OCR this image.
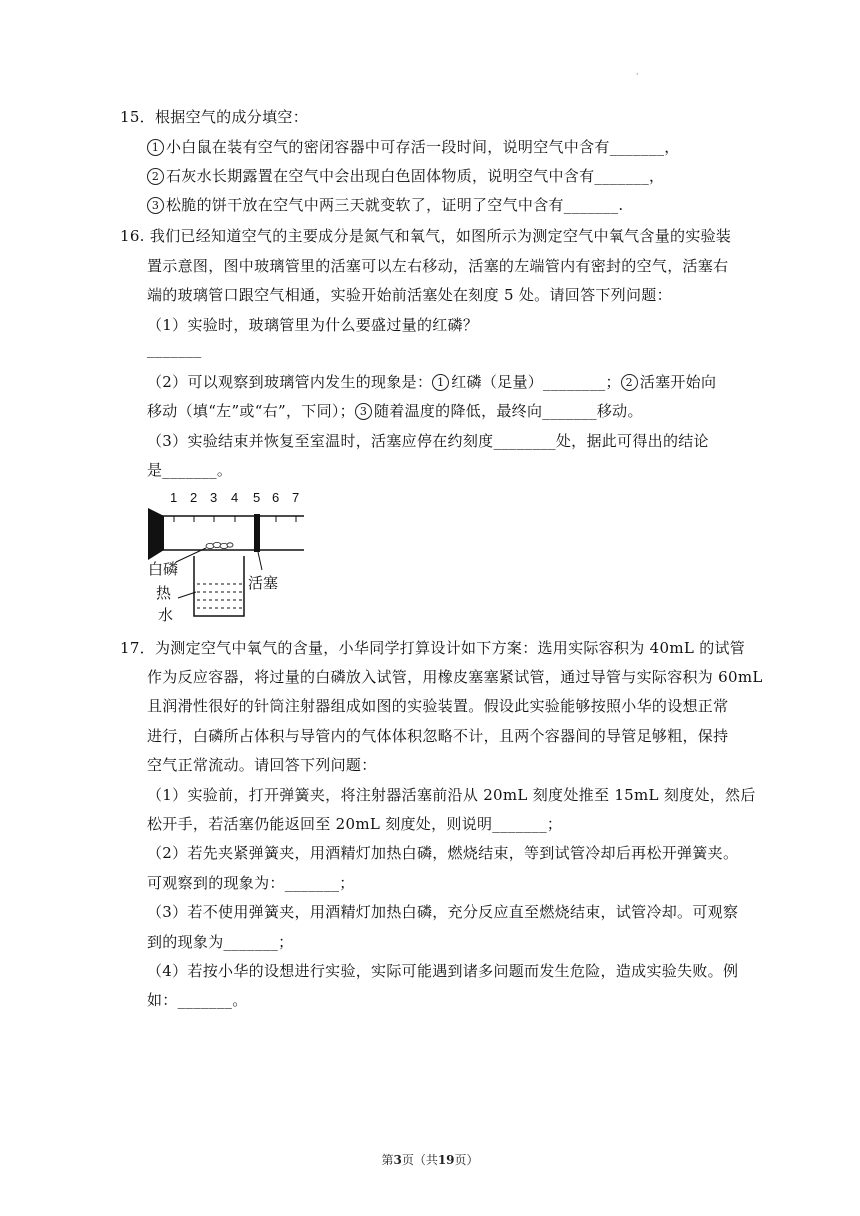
·
15．根据空气的成分填空：
1 小白鼠在装有空气的密闭容器中可存活一段时间，说明空气中含有_______，
2 石灰水长期露置在空气中会出现白色固体物质，说明空气中含有_______，
3 松脆的饼干放在空气中两三天就变软了，证明了空气中含有_______.
16. 我们已经知道空气的主要成分是氮气和氧气，如图所示为测定空气中氧气含量的实验装
置示意图，图中玻璃管里的活塞可以左右移动，活塞的左端管内有密封的空气，活塞右
端的玻璃管口跟空气相通，实验开始前活塞处在刻度 5 处。请回答下列问题：
（1）实验时，玻璃管里为什么要盛过量的红磷？
_______
（2）可以观察到玻璃管内发生的现象是： 1 红磷（足量）________； 2 活塞开始向
移动（填“左”或“右”，下同）； 3 随着温度的降低，最终向_______移动。
（3）实验结束并恢复至室温时，活塞应停在约刻度________处，据此可得出的结论
是_______。
1 2 3 4 5 6 7
白磷
活塞
热
水
17．为测定空气中氧气的含量，小华同学打算设计如下方案：选用实际容积为 40mL 的试管
作为反应容器，将过量的白磷放入试管，用橡皮塞塞紧试管，通过导管与实际容积为 60mL
且润滑性很好的针筒注射器组成如图的实验装置。假设此实验能够按照小华的设想正常
进行，白磷所占体积与导管内的气体体积忽略不计，且两个容器间的导管足够粗，保持
空气正常流动。请回答下列问题：
（1）实验前，打开弹簧夹，将注射器活塞前沿从 20mL 刻度处推至 15mL 刻度处，然后
松开手，若活塞仍能返回至 20mL 刻度处，则说明_______；
（2）若先夹紧弹簧夹，用酒精灯加热白磷，燃烧结束，等到试管冷却后再松开弹簧夹。
可观察到的现象为：_______；
（3）若不使用弹簧夹，用酒精灯加热白磷，充分反应直至燃烧结束，试管冷却。可观察
到的现象为_______；
（4）若按小华的设想进行实验，实际可能遇到诸多问题而发生危险，造成实验失败。例
如：_______。
第3页（共19页）
